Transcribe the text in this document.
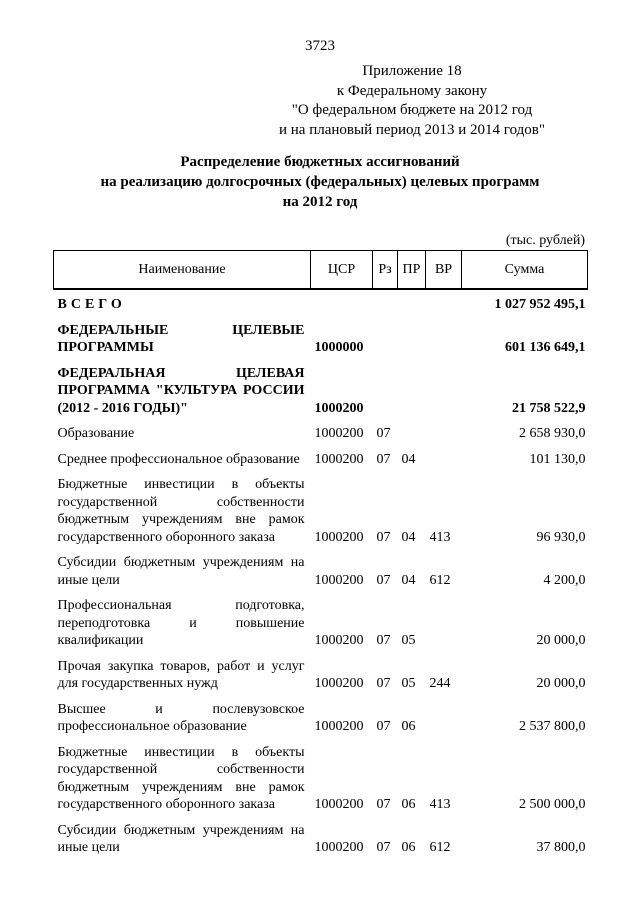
3723
Приложение 18
к Федеральному закону
"О федеральном бюджете на 2012 год
и на плановый период 2013 и 2014 годов"
Распределение бюджетных ассигнований
на реализацию долгосрочных (федеральных) целевых программ
на 2012 год
(тыс. рублей)
Наименование	ЦСР	Рз	ПР	ВР	Сумма
ВСЕГО					1 027 952 495,1
ФЕДЕРАЛЬНЫЕ ЦЕЛЕВЫЕ ПРОГРАММЫ	1000000				601 136 649,1
ФЕДЕРАЛЬНАЯ ЦЕЛЕВАЯ ПРОГРАММА "КУЛЬТУРА РОССИИ (2012 - 2016 ГОДЫ)"	1000200				21 758 522,9
Образование	1000200	07			2 658 930,0
Среднее профессиональное образование	1000200	07	04		101 130,0
Бюджетные инвестиции в объекты государственной собственности бюджетным учреждениям вне рамок государственного оборонного заказа	1000200	07	04	413	96 930,0
Субсидии бюджетным учреждениям на иные цели	1000200	07	04	612	4 200,0
Профессиональная подготовка, переподготовка и повышение квалификации	1000200	07	05		20 000,0
Прочая закупка товаров, работ и услуг для государственных нужд	1000200	07	05	244	20 000,0
Высшее и послевузовское профессиональное образование	1000200	07	06		2 537 800,0
Бюджетные инвестиции в объекты государственной собственности бюджетным учреждениям вне рамок государственного оборонного заказа	1000200	07	06	413	2 500 000,0
Субсидии бюджетным учреждениям на иные цели	1000200	07	06	612	37 800,0
